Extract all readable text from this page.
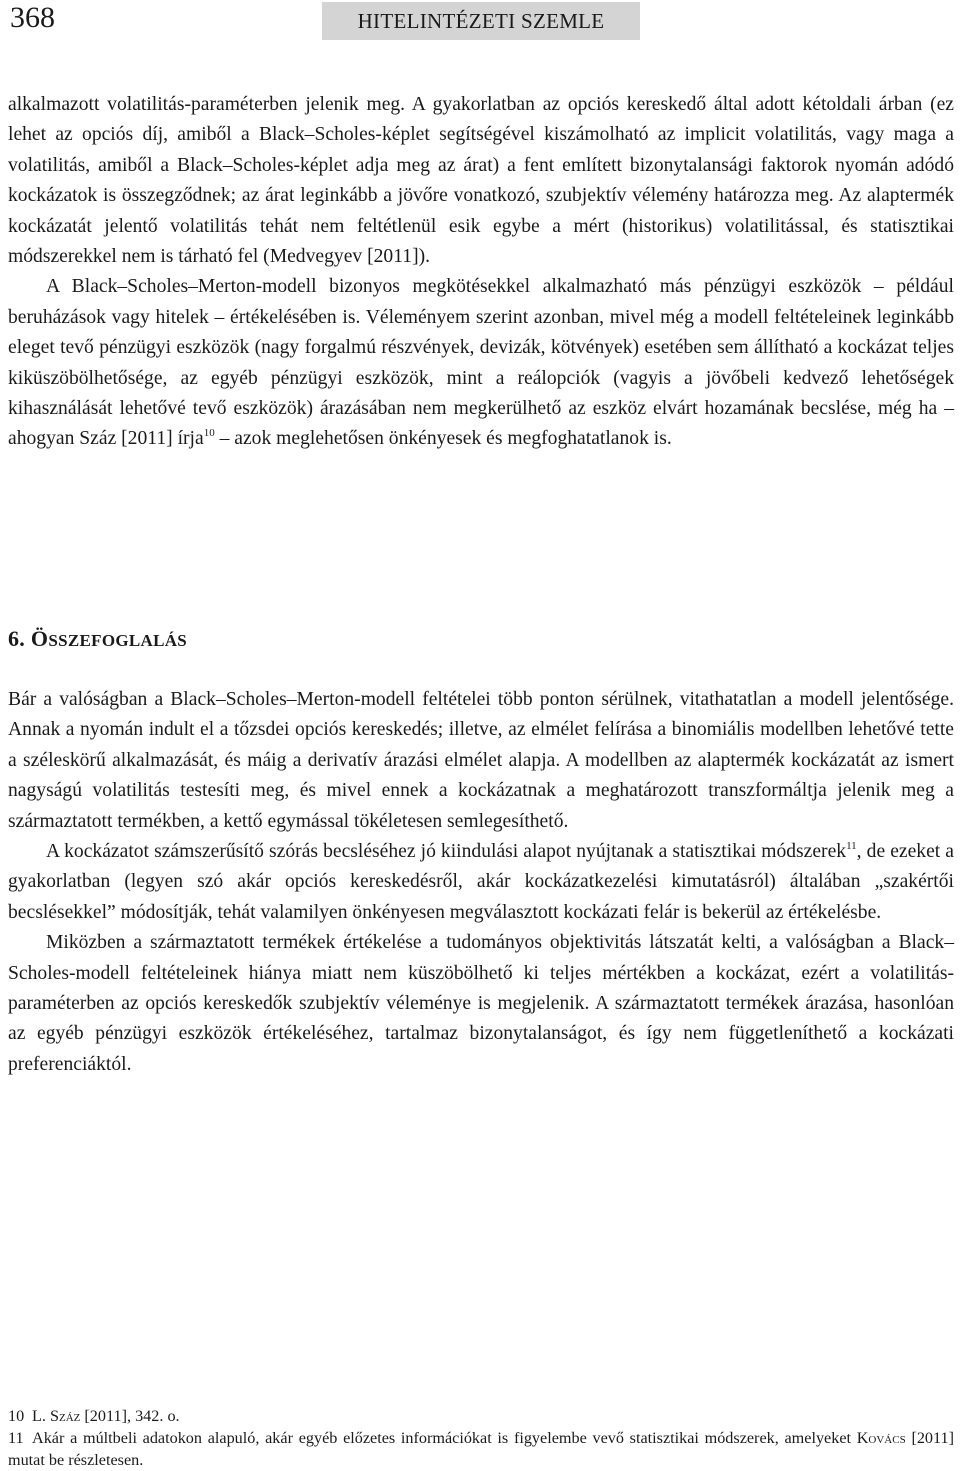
368	HITELINTÉZETI SZEMLE

alkalmazott volatilitás-paraméterben jelenik meg. A gyakorlatban az opciós kereskedő által adott kétoldali árban (ez lehet az opciós díj, amiből a Black–Scholes-képlet segítségével kiszámolható az implicit volatilitás, vagy maga a volatilitás, amiből a Black–Scholes-képlet adja meg az árat) a fent említett bizonytalansági faktorok nyomán adódó kockázatok is összegződnek; az árat leginkább a jövőre vonatkozó, szubjektív vélemény határozza meg. Az alaptermék kockázatát jelentő volatilitás tehát nem feltétlenül esik egybe a mért (historikus) volatilitással, és statisztikai módszerekkel nem is tárható fel (Medvegyev [2011]).

A Black–Scholes–Merton-modell bizonyos megkötésekkel alkalmazható más pénzügyi eszközök – például beruházások vagy hitelek – értékelésében is. Véleményem szerint azonban, mivel még a modell feltételeinek leginkább eleget tevő pénzügyi eszközök (nagy forgalmú részvények, devizák, kötvények) esetében sem állítható a kockázat teljes kiküszöbölhetősége, az egyéb pénzügyi eszközök, mint a reálopciók (vagyis a jövőbeli kedvező lehetőségek kihasználását lehetővé tevő eszközök) árazásában nem megkerülhető az eszköz elvárt hozamának becslése, még ha – ahogyan Száz [2011] írja$^{10}$ – azok meglehetősen önkényesek és megfoghatatlanok is.

6. ÖSSZEFOGLALÁS

Bár a valóságban a Black–Scholes–Merton-modell feltételei több ponton sérülnek, vitathatatlan a modell jelentősége. Annak a nyomán indult el a tőzsdei opciós kereskedés; illetve, az elmélet felírása a binomiális modellben lehetővé tette a széleskörű alkalmazását, és máig a derivatív árazási elmélet alapja. A modellben az alaptermék kockázatát az ismert nagyságú volatilitás testesíti meg, és mivel ennek a kockázatnak a meghatározott transzformáltja jelenik meg a származtatott termékben, a kettő egymással tökéletesen semlegesíthető.

A kockázatot számszerűsítő szórás becsléséhez jó kiindulási alapot nyújtanak a statisztikai módszerek$^{11}$, de ezeket a gyakorlatban (legyen szó akár opciós kereskedésről, akár kockázatkezelési kimutatásról) általában „szakértői becslésekkel” módosítják, tehát valamilyen önkényesen megválasztott kockázati felár is bekerül az értékelésbe.

Miközben a származtatott termékek értékelése a tudományos objektivitás látszatát kelti, a valóságban a Black–Scholes-modell feltételeinek hiánya miatt nem küszöbölhető ki teljes mértékben a kockázat, ezért a volatilitás-paraméterben az opciós kereskedők szubjektív véleménye is megjelenik. A származtatott termékek árazása, hasonlóan az egyéb pénzügyi eszközök értékeléséhez, tartalmaz bizonytalanságot, és így nem függetleníthető a kockázati preferenciáktól.

10 L. Száz [2011], 342. o.

11 Akár a múltbeli adatokon alapuló, akár egyéb előzetes információkat is figyelembe vevő statisztikai módszerek, amelyeket Kovács [2011] mutat be részletesen.
